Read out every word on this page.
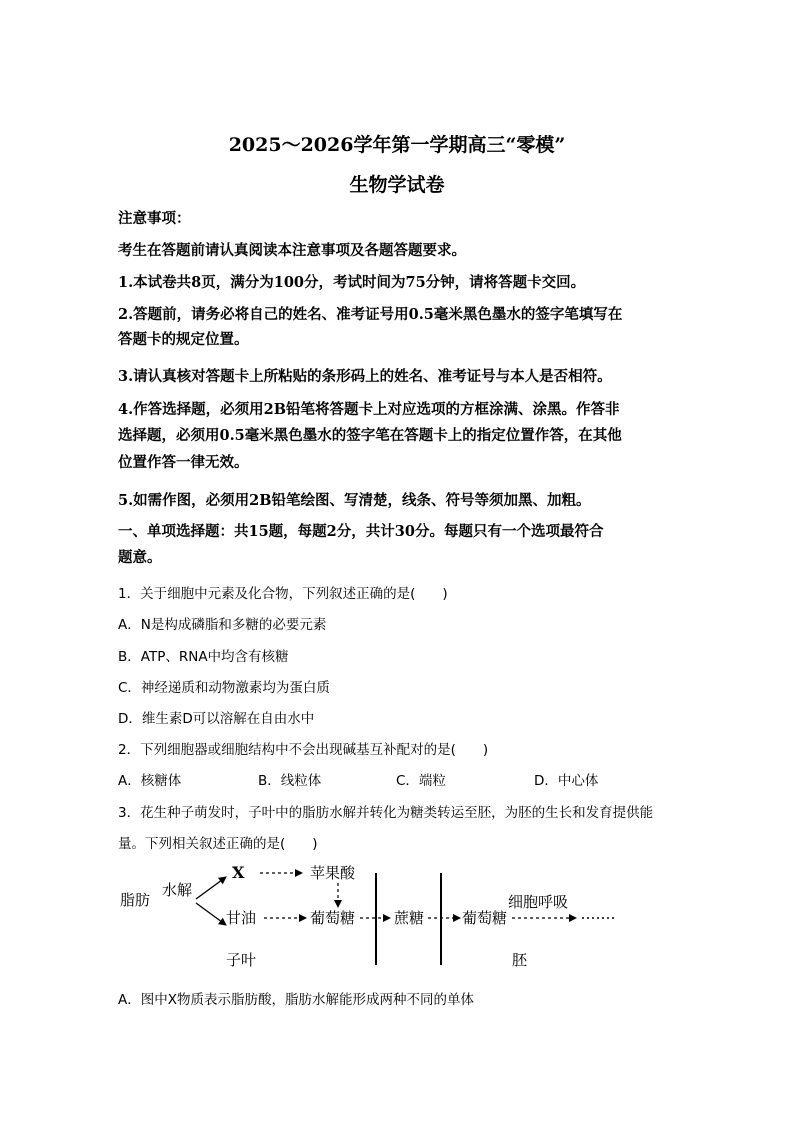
2025～2026学年第一学期高三“零模”
生物学试卷
注意事项：
考生在答题前请认真阅读本注意事项及各题答题要求。
1.本试卷共8页，满分为100分，考试时间为75分钟，请将答题卡交回。
2.答题前，请务必将自己的姓名、准考证号用0.5毫米黑色墨水的签字笔填写在
答题卡的规定位置。
3.请认真核对答题卡上所粘贴的条形码上的姓名、准考证号与本人是否相符。
4.作答选择题，必须用2B铅笔将答题卡上对应选项的方框涂满、涂黑。作答非
选择题，必须用0.5毫米黑色墨水的签字笔在答题卡上的指定位置作答，在其他
位置作答一律无效。
5.如需作图，必须用2B铅笔绘图、写清楚，线条、符号等须加黑、加粗。
一、单项选择题：共15题，每题2分，共计30分。每题只有一个选项最符合
题意。
1．关于细胞中元素及化合物，下列叙述正确的是(　　)
A．N是构成磷脂和多糖的必要元素
B．ATP、RNA中均含有核糖
C．神经递质和动物激素均为蛋白质
D．维生素D可以溶解在自由水中
2．下列细胞器或细胞结构中不会出现碱基互补配对的是(　　)
A．核糖体	B．线粒体	C．端粒	D．中心体
3．花生种子萌发时，子叶中的脂肪水解并转化为糖类转运至胚，为胚的生长和发育提供能
量。下列相关叙述正确的是(　　)
脂肪
水解
X	苹果酸
甘油	葡萄糖	蔗糖	葡萄糖
细胞呼吸
子叶	胚
A．图中X物质表示脂肪酸，脂肪水解能形成两种不同的单体
